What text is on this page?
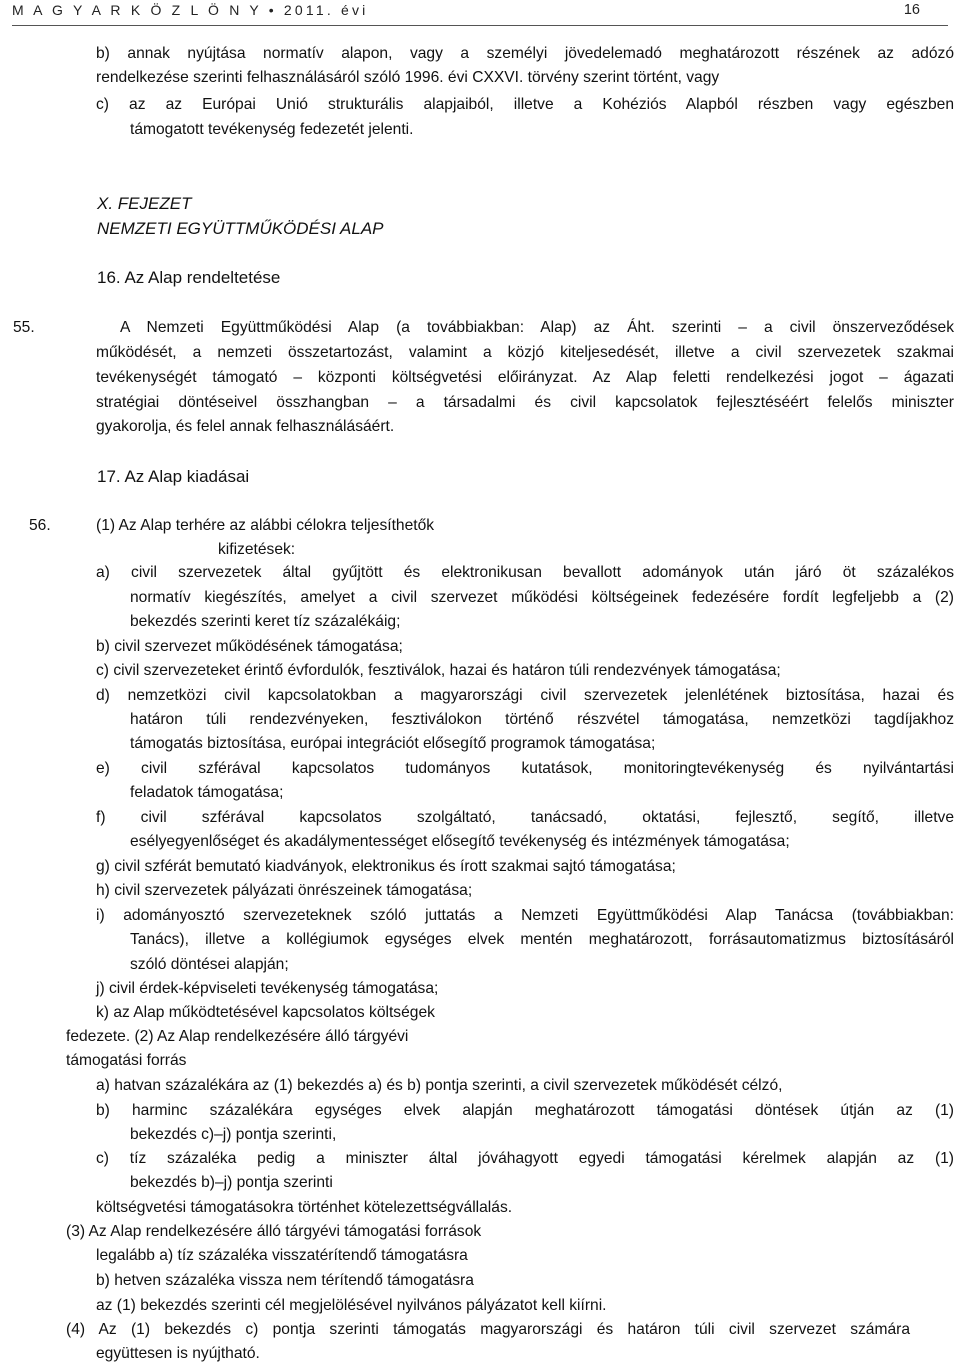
M A G Y A R K Ö Z L Ö N Y • 2011. évi	16
b) annak nyújtása normatív alapon, vagy a személyi jövedelemadó meghatározott részének az adózó
rendelkezése szerinti felhasználásáról szóló 1996. évi CXXVI. törvény szerint történt, vagy
c) az az Európai Unió strukturális alapjaiból, illetve a Kohéziós Alapból részben vagy egészben
támogatott tevékenység fedezetét jelenti.
X. FEJEZET
NEMZETI EGYÜTTMŰKÖDÉSI ALAP
16. Az Alap rendeltetése
55.	A Nemzeti Együttműködési Alap (a továbbiakban: Alap) az Áht. szerinti – a civil önszerveződések
működését, a nemzeti összetartozást, valamint a közjó kiteljesedését, illetve a civil szervezetek szakmai
tevékenységét támogató – központi költségvetési előirányzat. Az Alap feletti rendelkezési jogot – ágazati
stratégiai döntéseivel összhangban – a társadalmi és civil kapcsolatok fejlesztéséért felelős miniszter
gyakorolja, és felel annak felhasználásáért.
17. Az Alap kiadásai
56.	(1) Az Alap terhére az alábbi célokra teljesíthetők
kifizetések:
a) civil szervezetek által gyűjtött és elektronikusan bevallott adományok után járó öt százalékos
normatív kiegészítés, amelyet a civil szervezet működési költségeinek fedezésére fordít legfeljebb a (2)
bekezdés szerinti keret tíz százalékáig;
b) civil szervezet működésének támogatása;
c) civil szervezeteket érintő évfordulók, fesztiválok, hazai és határon túli rendezvények támogatása;
d) nemzetközi civil kapcsolatokban a magyarországi civil szervezetek jelenlétének biztosítása, hazai és
határon túli rendezvényeken, fesztiválokon történő részvétel támogatása, nemzetközi tagdíjakhoz
támogatás biztosítása, európai integrációt elősegítő programok támogatása;
e) civil szférával kapcsolatos tudományos kutatások, monitoringtevékenység és nyilvántartási
feladatok támogatása;
f) civil szférával kapcsolatos szolgáltató, tanácsadó, oktatási, fejlesztő, segítő, illetve
esélyegyenlőséget és akadálymentességet elősegítő tevékenység és intézmények támogatása;
g) civil szférát bemutató kiadványok, elektronikus és írott szakmai sajtó támogatása;
h) civil szervezetek pályázati önrészeinek támogatása;
i) adományosztó szervezeteknek szóló juttatás a Nemzeti Együttműködési Alap Tanácsa (továbbiakban:
Tanács), illetve a kollégiumok egységes elvek mentén meghatározott, forrásautomatizmus biztosításáról
szóló döntései alapján;
j) civil érdek-képviseleti tevékenység támogatása;
k) az Alap működtetésével kapcsolatos költségek
fedezete. (2) Az Alap rendelkezésére álló tárgyévi
támogatási forrás
a) hatvan százalékára az (1) bekezdés a) és b) pontja szerinti, a civil szervezetek működését célzó,
b) harminc százalékára egységes elvek alapján meghatározott támogatási döntések útján az (1)
bekezdés c)–j) pontja szerinti,
c) tíz százaléka pedig a miniszter által jóváhagyott egyedi támogatási kérelmek alapján az (1)
bekezdés b)–j) pontja szerinti
költségvetési támogatásokra történhet kötelezettségvállalás.
(3) Az Alap rendelkezésére álló tárgyévi támogatási források
legalább a) tíz százaléka visszatérítendő támogatásra
b) hetven százaléka vissza nem térítendő támogatásra
az (1) bekezdés szerinti cél megjelölésével nyilvános pályázatot kell kiírni.
(4) Az (1) bekezdés c) pontja szerinti támogatás magyarországi és határon túli civil szervezet számára
együttesen is nyújtható.
